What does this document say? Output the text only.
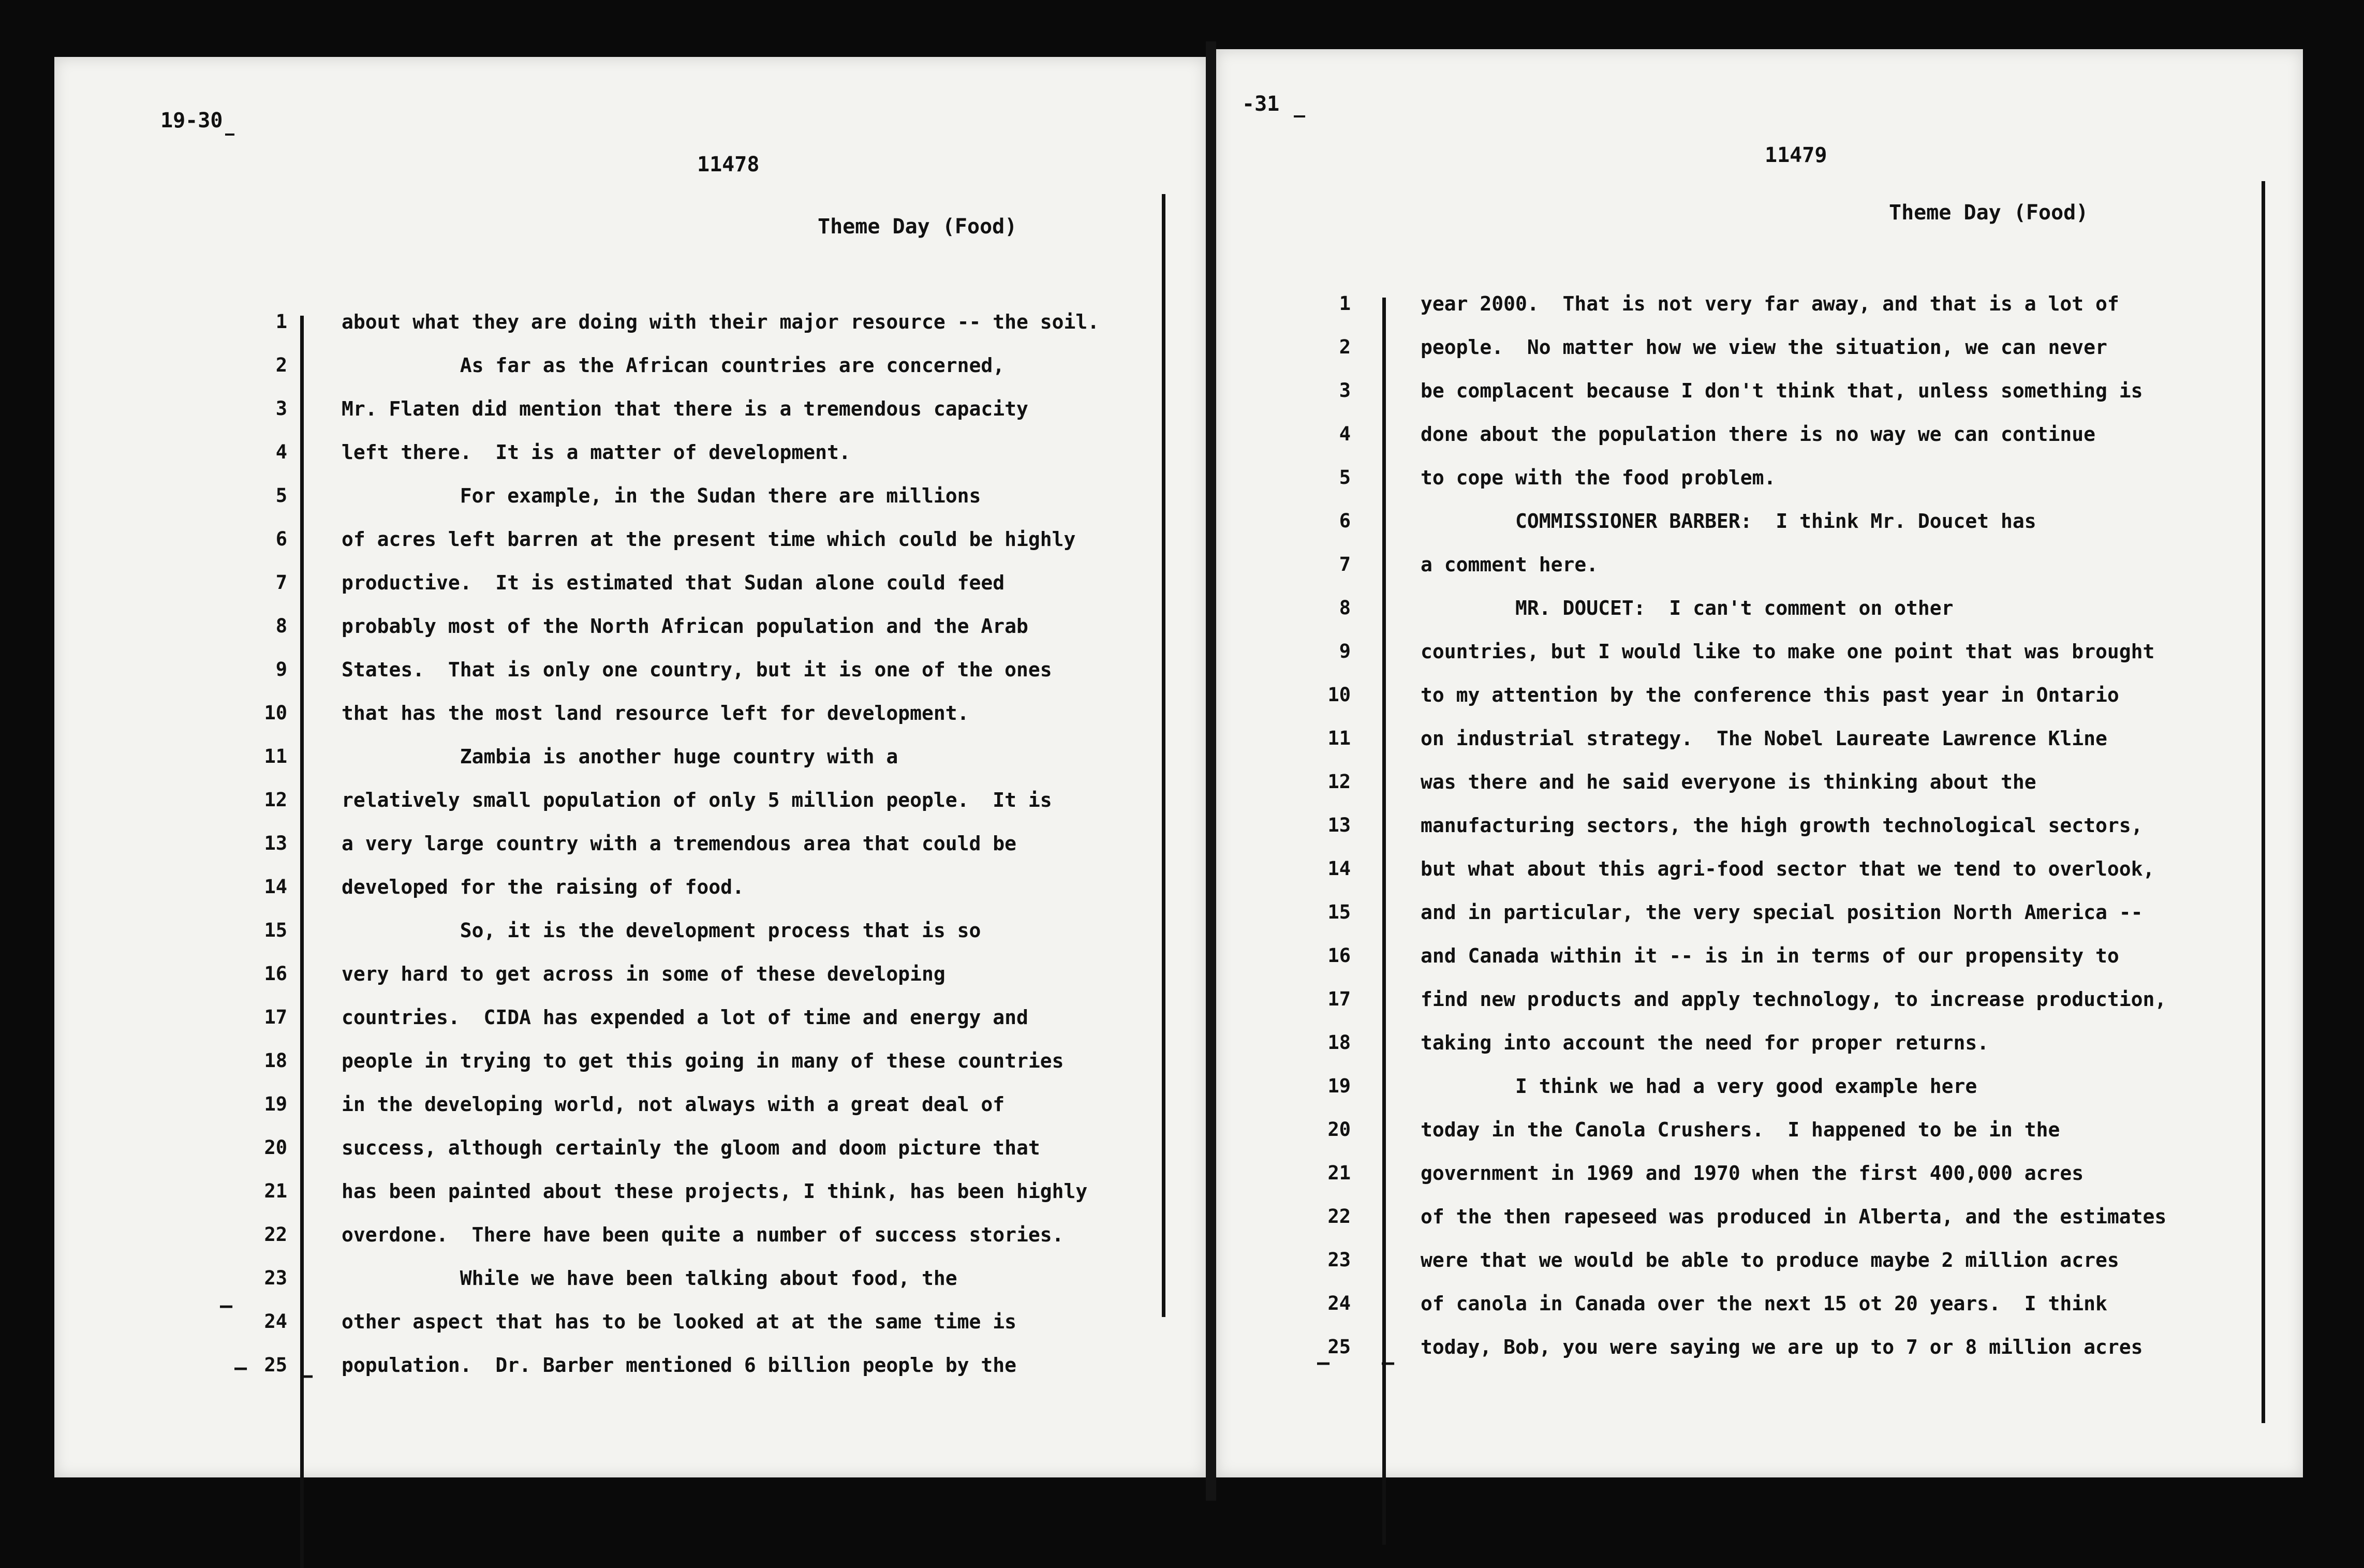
19-30
11478
Theme Day (Food)
—
—	—
1	about what they are doing with their major resource -- the soil.
2	As far as the African countries are concerned,
3	Mr. Flaten did mention that there is a tremendous capacity
4	left there.  It is a matter of development.
5	For example, in the Sudan there are millions
6	of acres left barren at the present time which could be highly
7	productive.  It is estimated that Sudan alone could feed
8	probably most of the North African population and the Arab
9	States.  That is only one country, but it is one of the ones
10	that has the most land resource left for development.
11	Zambia is another huge country with a
12	relatively small population of only 5 million people.  It is
13	a very large country with a tremendous area that could be
14	developed for the raising of food.
15	So, it is the development process that is so
16	very hard to get across in some of these developing
17	countries.  CIDA has expended a lot of time and energy and
18	people in trying to get this going in many of these countries
19	in the developing world, not always with a great deal of
20	success, although certainly the gloom and doom picture that
21	has been painted about these projects, I think, has been highly
22	overdone.  There have been quite a number of success stories.
23	While we have been talking about food, the
24	other aspect that has to be looked at at the same time is
25	population.  Dr. Barber mentioned 6 billion people by the
-31
11479
Theme Day (Food)
—	—
1	year 2000.  That is not very far away, and that is a lot of
2	people.  No matter how we view the situation, we can never
3	be complacent because I don't think that, unless something is
4	done about the population there is no way we can continue
5	to cope with the food problem.
6	COMMISSIONER BARBER:  I think Mr. Doucet has
7	a comment here.
8	MR. DOUCET:  I can't comment on other
9	countries, but I would like to make one point that was brought
10	to my attention by the conference this past year in Ontario
11	on industrial strategy.  The Nobel Laureate Lawrence Kline
12	was there and he said everyone is thinking about the
13	manufacturing sectors, the high growth technological sectors,
14	but what about this agri-food sector that we tend to overlook,
15	and in particular, the very special position North America --
16	and Canada within it -- is in in terms of our propensity to
17	find new products and apply technology, to increase production,
18	taking into account the need for proper returns.
19	I think we had a very good example here
20	today in the Canola Crushers.  I happened to be in the
21	government in 1969 and 1970 when the first 400,000 acres
22	of the then rapeseed was produced in Alberta, and the estimates
23	were that we would be able to produce maybe 2 million acres
24	of canola in Canada over the next 15 ot 20 years.  I think
25	today, Bob, you were saying we are up to 7 or 8 million acres
